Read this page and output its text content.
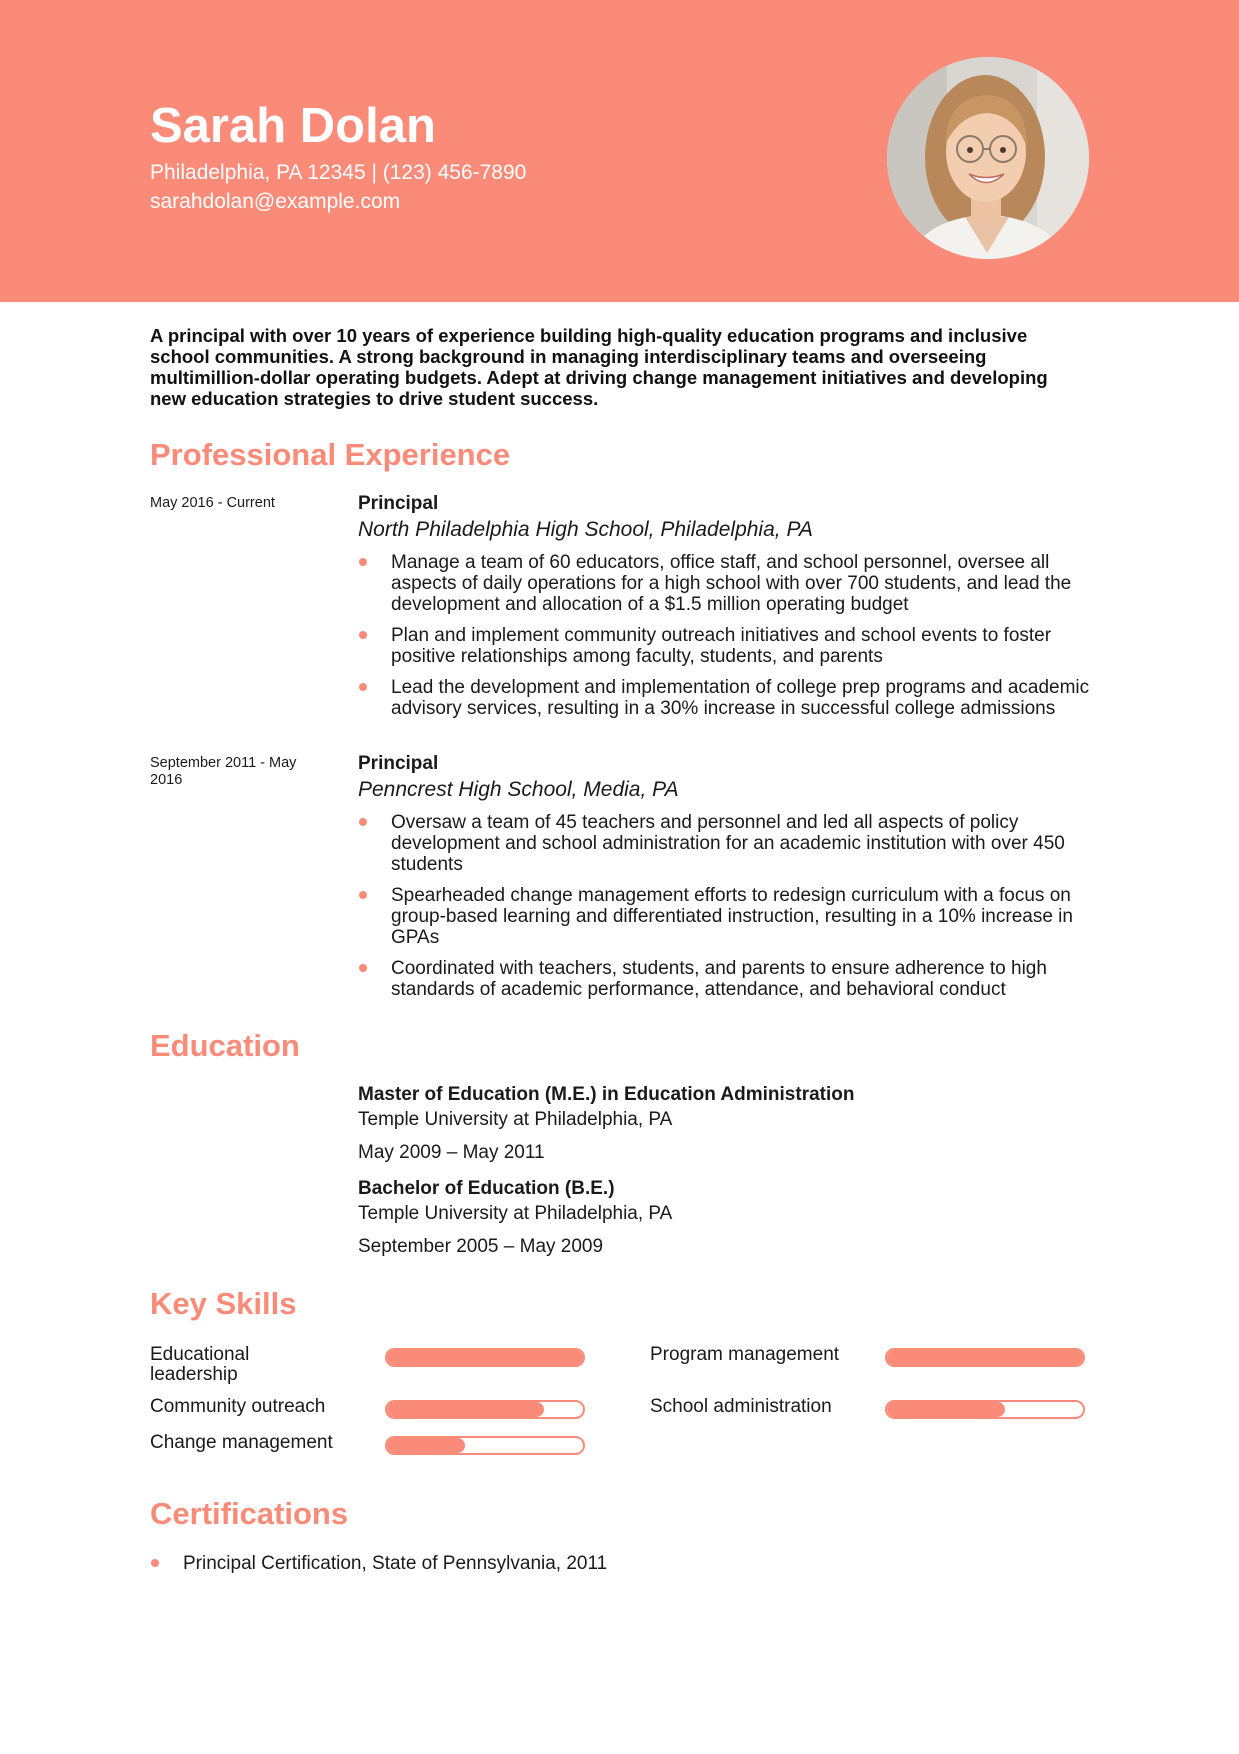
Sarah Dolan
Philadelphia, PA 12345 | (123) 456-7890
sarahdolan@example.com

A principal with over 10 years of experience building high-quality education programs and inclusive school communities. A strong background in managing interdisciplinary teams and overseeing multimillion-dollar operating budgets. Adept at driving change management initiatives and developing new education strategies to drive student success.

Professional Experience
May 2016 - Current	Principal
North Philadelphia High School, Philadelphia, PA
Manage a team of 60 educators, office staff, and school personnel, oversee all aspects of daily operations for a high school with over 700 students, and lead the development and allocation of a $1.5 million operating budget
Plan and implement community outreach initiatives and school events to foster positive relationships among faculty, students, and parents
Lead the development and implementation of college prep programs and academic advisory services, resulting in a 30% increase in successful college admissions
September 2011 - May 2016
Principal
Penncrest High School, Media, PA
Oversaw a team of 45 teachers and personnel and led all aspects of policy development and school administration for an academic institution with over 450 students
Spearheaded change management efforts to redesign curriculum with a focus on group-based learning and differentiated instruction, resulting in a 10% increase in GPAs
Coordinated with teachers, students, and parents to ensure adherence to high standards of academic performance, attendance, and behavioral conduct
Education
Master of Education (M.E.) in Education Administration
Temple University at Philadelphia, PA
May 2009 – May 2011
Bachelor of Education (B.E.)
Temple University at Philadelphia, PA
September 2005 – May 2009
Key Skills
Educational leadership
Program management
Community outreach	School administration
Change management
Certifications
Principal Certification, State of Pennsylvania, 2011
